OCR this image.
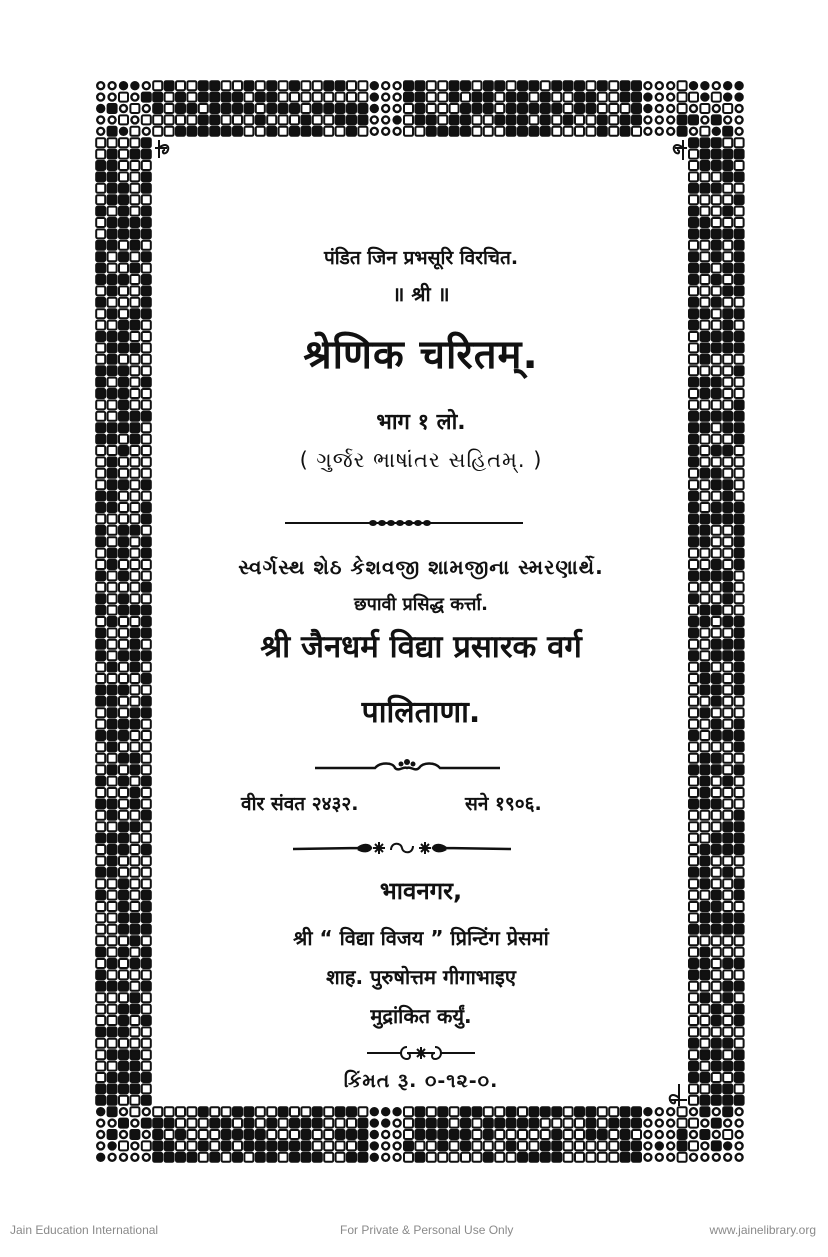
पंडित जिन प्रभसूरि विरचित.
॥ श्री ॥
श्रेणिक चरितम्.
भाग १ लो.
( ગુર્જર ભાષાંતર સહિતમ્. )
સ્વર્ગસ્થ શેઠ કેશવજી શામજીના સ્મરણાર્થે.
छपावी प्रसिद्ध कर्त्ता.
श्री जैनधर्म विद्या प्रसारक वर्ग
पालिताणा.
वीर संवत २४३२.	सने १९०६.
भावनगर,
श्री “ विद्या विजय ” प्रिन्टिंग प्रेसमां
शाह. पुरुषोत्तम गीगाभाइए
मुद्रांकित कर्युं.
કિંમત રૂ. ૦-૧૨-૦.
Jain Education International	For Private & Personal Use Only	www.jainelibrary.org
